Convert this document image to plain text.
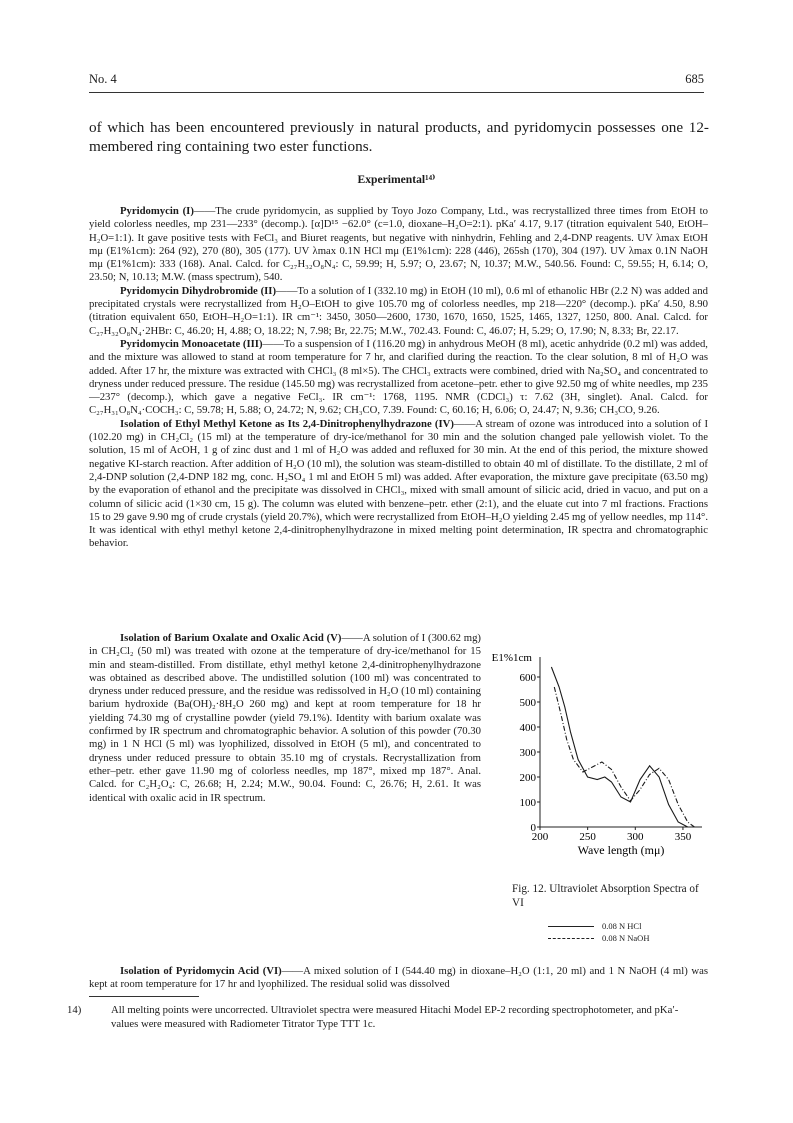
No. 4	685
of which has been encountered previously in natural products, and pyridomycin possesses one 12-membered ring containing two ester functions.
Experimental¹⁴⁾

Pyridomycin (I)——The crude pyridomycin, as supplied by Toyo Jozo Company, Ltd., was recrystallized three times from EtOH to yield colorless needles, mp 231—233° (decomp.). [α]D¹⁵ −62.0° (c=1.0, dioxane–H₂O=2:1). pKa′ 4.17, 9.17 (titration equivalent 540, EtOH–H₂O=1:1). It gave positive tests with FeCl₃ and Biuret reagents, but negative with ninhydrin, Fehling and 2,4-DNP reagents. UV λmax EtOH mμ (E1%1cm): 264 (92), 270 (80), 305 (177). UV λmax 0.1N HCl mμ (E1%1cm): 228 (446), 265sh (170), 304 (197). UV λmax 0.1N NaOH mμ (E1%1cm): 333 (168). Anal. Calcd. for C₂₇H₃₂O₈N₄: C, 59.99; H, 5.97; O, 23.67; N, 10.37; M.W., 540.56. Found: C, 59.55; H, 6.14; O, 23.50; N, 10.13; M.W. (mass spectrum), 540.

Pyridomycin Dihydrobromide (II)——To a solution of I (332.10 mg) in EtOH (10 ml), 0.6 ml of ethanolic HBr (2.2 N) was added and precipitated crystals were recrystallized from H₂O–EtOH to give 105.70 mg of colorless needles, mp 218—220° (decomp.). pKa′ 4.50, 8.90 (titration equivalent 650, EtOH–H₂O=1:1). IR cm⁻¹: 3450, 3050—2600, 1730, 1670, 1650, 1525, 1465, 1327, 1250, 800. Anal. Calcd. for C₂₇H₃₂O₈N₄·2HBr: C, 46.20; H, 4.88; O, 18.22; N, 7.98; Br, 22.75; M.W., 702.43. Found: C, 46.07; H, 5.29; O, 17.90; N, 8.33; Br, 22.17.

Pyridomycin Monoacetate (III)——To a suspension of I (116.20 mg) in anhydrous MeOH (8 ml), acetic anhydride (0.2 ml) was added, and the mixture was allowed to stand at room temperature for 7 hr, and clarified during the reaction. To the clear solution, 8 ml of H₂O was added. After 17 hr, the mixture was extracted with CHCl₃ (8 ml×5). The CHCl₃ extracts were combined, dried with Na₂SO₄ and concentrated to dryness under reduced pressure. The residue (145.50 mg) was recrystallized from acetone–petr. ether to give 92.50 mg of white needles, mp 235—237° (decomp.), which gave a negative FeCl₃. IR cm⁻¹: 1768, 1195. NMR (CDCl₃) τ: 7.62 (3H, singlet). Anal. Calcd. for C₂₇H₃₁O₈N₄·COCH₃: C, 59.78; H, 5.88; O, 24.72; N, 9.62; CH₃CO, 7.39. Found: C, 60.16; H, 6.06; O, 24.47; N, 9.36; CH₃CO, 9.26.

Isolation of Ethyl Methyl Ketone as Its 2,4-Dinitrophenylhydrazone (IV)——A stream of ozone was introduced into a solution of I (102.20 mg) in CH₂Cl₂ (15 ml) at the temperature of dry-ice/methanol for 30 min and the solution changed pale yellowish violet. To the solution, 15 ml of AcOH, 1 g of zinc dust and 1 ml of H₂O was added and refluxed for 30 min. At the end of this period, the mixture showed negative KI-starch reaction. After addition of H₂O (10 ml), the solution was steam-distilled to obtain 40 ml of distillate. To the distillate, 2 ml of 2,4-DNP solution (2,4-DNP 182 mg, conc. H₂SO₄ 1 ml and EtOH 5 ml) was added. After evaporation, the mixture gave precipitate (63.50 mg) by the evaporation of ethanol and the precipitate was dissolved in CHCl₃, mixed with small amount of silicic acid, dried in vacuo, and put on a column of silicic acid (1×30 cm, 15 g). The column was eluted with benzene–petr. ether (2:1), and the eluate cut into 7 ml fractions. Fractions 15 to 29 gave 9.90 mg of crude crystals (yield 20.7%), which were recrystallized from EtOH–H₂O yielding 2.45 mg of yellow needles, mp 114°. It was identical with ethyl methyl ketone 2,4-dinitrophenylhydrazone in mixed melting point determination, IR spectra and chromatographic behavior.

Isolation of Barium Oxalate and Oxalic Acid (V)——A solution of I (300.62 mg) in CH₂Cl₂ (50 ml) was treated with ozone at the temperature of dry-ice/methanol for 15 min and steam-distilled. From distillate, ethyl methyl ketone 2,4-dinitrophenylhydrazone was obtained as described above. The undistilled solution (100 ml) was concentrated to dryness under reduced pressure, and the residue was redissolved in H₂O (10 ml) containing barium hydroxide (Ba(OH)₂·8H₂O 260 mg) and kept at room temperature for 18 hr yielding 74.30 mg of crystalline powder (yield 79.1%). Identity with barium oxalate was confirmed by IR spectrum and chromatographic behavior. A solution of this powder (70.30 mg) in 1 N HCl (5 ml) was lyophilized, dissolved in EtOH (5 ml), and concentrated to dryness under reduced pressure to obtain 35.10 mg of crystals. Recrystallization from ether–petr. ether gave 11.90 mg of colorless needles, mp 187°, mixed mp 187°. Anal. Calcd. for C₂H₂O₄: C, 26.68; H, 2.24; M.W., 90.04. Found: C, 26.76; H, 2.61. It was identical with oxalic acid in IR spectrum.

Isolation of Pyridomycin Acid (VI)——A mixed solution of I (544.40 mg) in dioxane–H₂O (1:1, 20 ml) and 1 N NaOH (4 ml) was kept at room temperature for 17 hr and lyophilized. The residual solid was dissolved

0
100
200
300
400
500
600
200	250	300	350
E1%1cm
Wave length (mμ)
Fig. 12. Ultraviolet Absorption Spectra of VI
0.08 N HCl
0.08 N NaOH
14)	All melting points were uncorrected. Ultraviolet spectra were measured Hitachi Model EP-2 recording spectrophotometer, and pKa′- values were measured with Radiometer Titrator Type TTT 1c.
